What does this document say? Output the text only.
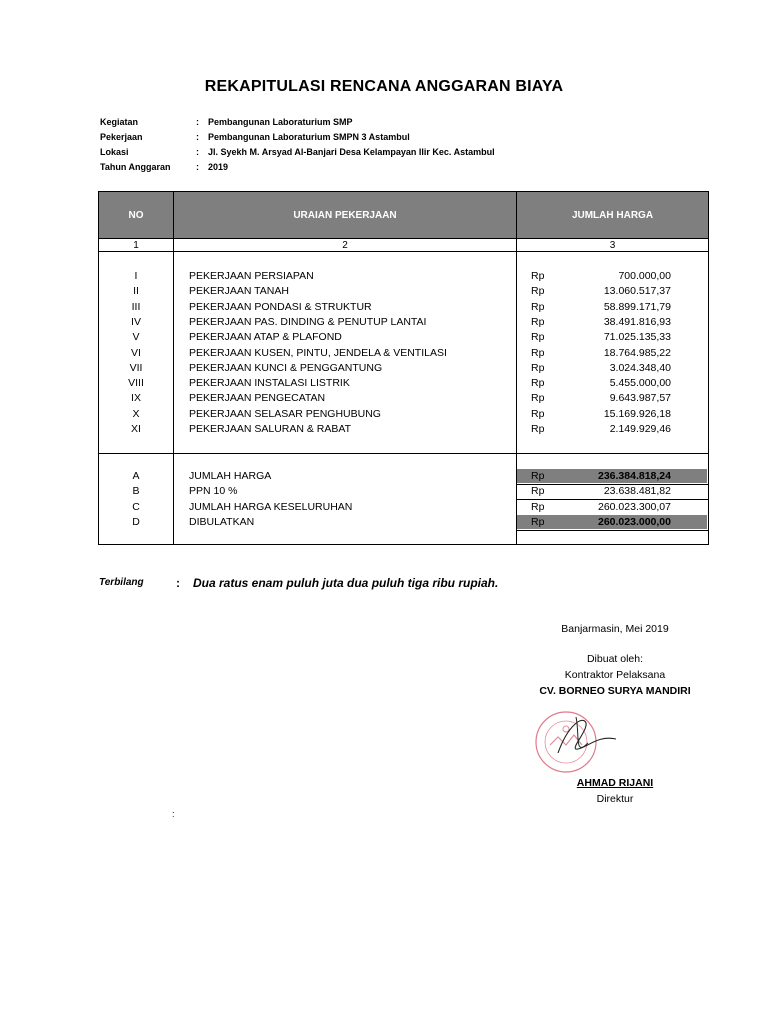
REKAPITULASI RENCANA ANGGARAN BIAYA
Kegiatan	: Pembangunan Laboraturium SMP
Pekerjaan	: Pembangunan Laboraturium SMPN 3 Astambul
Lokasi	: Jl. Syekh M. Arsyad Al-Banjari Desa Kelampayan Ilir Kec. Astambul
Tahun Anggaran	: 2019
NO	URAIAN PEKERJAAN	JUMLAH HARGA
1	2	3
I	PEKERJAAN PERSIAPAN	Rp	700.000,00
II	PEKERJAAN TANAH	Rp	13.060.517,37
III	PEKERJAAN PONDASI & STRUKTUR	Rp	58.899.171,79
IV	PEKERJAAN PAS. DINDING & PENUTUP LANTAI	Rp	38.491.816,93
V	PEKERJAAN ATAP & PLAFOND	Rp	71.025.135,33
VI	PEKERJAAN KUSEN, PINTU, JENDELA & VENTILASI	Rp	18.764.985,22
VII	PEKERJAAN KUNCI & PENGGANTUNG	Rp	3.024.348,40
VIII	PEKERJAAN INSTALASI LISTRIK	Rp	5.455.000,00
IX	PEKERJAAN PENGECATAN	Rp	9.643.987,57
X	PEKERJAAN SELASAR PENGHUBUNG	Rp	15.169.926,18
XI	PEKERJAAN SALURAN & RABAT	Rp	2.149.929,46
A	JUMLAH HARGA	Rp	236.384.818,24
B	PPN 10 %	Rp	23.638.481,82
C	JUMLAH HARGA KESELURUHAN	Rp	260.023.300,07
D	DIBULATKAN	Rp	260.023.000,00
Terbilang	: Dua ratus enam puluh juta dua puluh tiga ribu rupiah.
Banjarmasin, Mei 2019
Dibuat oleh:
Kontraktor Pelaksana
CV. BORNEO SURYA MANDIRI
AHMAD RIJANI
Direktur
:
